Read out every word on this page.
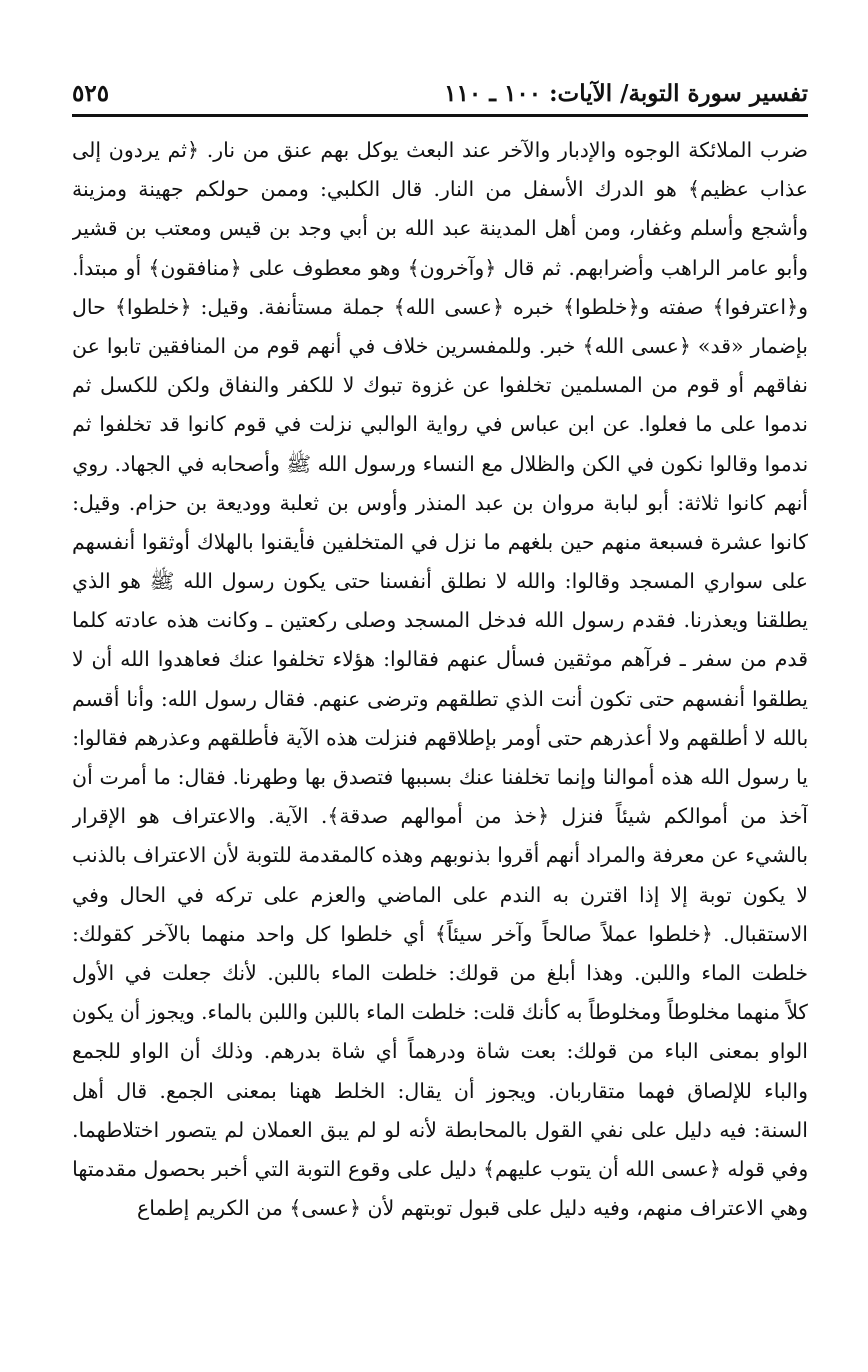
تفسير سورة التوبة/ الآيات: ١٠٠ ـ ١١٠
٥٢٥
ضرب الملائكة الوجوه والإدبار والآخر عند البعث يوكل بهم عنق من نار. ﴿ثم يردون إلى
عذاب عظيم﴾ هو الدرك الأسفل من النار. قال الكلبي: وممن حولكم جهينة ومزينة
وأشجع وأسلم وغفار، ومن أهل المدينة عبد الله بن أبي وجد بن قيس ومعتب بن قشير
وأبو عامر الراهب وأضرابهم. ثم قال ﴿وآخرون﴾ وهو معطوف على ﴿منافقون﴾ أو مبتدأ.
و﴿اعترفوا﴾ صفته و﴿خلطوا﴾ خبره ﴿عسى الله﴾ جملة مستأنفة. وقيل: ﴿خلطوا﴾ حال
بإضمار «قد» ﴿عسى الله﴾ خبر. وللمفسرين خلاف في أنهم قوم من المنافقين تابوا عن
نفاقهم أو قوم من المسلمين تخلفوا عن غزوة تبوك لا للكفر والنفاق ولكن للكسل ثم
ندموا على ما فعلوا. عن ابن عباس في رواية الوالبي نزلت في قوم كانوا قد تخلفوا ثم
ندموا وقالوا نكون في الكن والظلال مع النساء ورسول الله ﷺ وأصحابه في الجهاد. روي
أنهم كانوا ثلاثة: أبو لبابة مروان بن عبد المنذر وأوس بن ثعلبة ووديعة بن حزام. وقيل:
كانوا عشرة فسبعة منهم حين بلغهم ما نزل في المتخلفين فأيقنوا بالهلاك أوثقوا أنفسهم
على سواري المسجد وقالوا: والله لا نطلق أنفسنا حتى يكون رسول الله ﷺ هو الذي
يطلقنا ويعذرنا. فقدم رسول الله فدخل المسجد وصلى ركعتين ـ وكانت هذه عادته كلما
قدم من سفر ـ فرآهم موثقين فسأل عنهم فقالوا: هؤلاء تخلفوا عنك فعاهدوا الله أن لا
يطلقوا أنفسهم حتى تكون أنت الذي تطلقهم وترضى عنهم. فقال رسول الله: وأنا أقسم
بالله لا أطلقهم ولا أعذرهم حتى أومر بإطلاقهم فنزلت هذه الآية فأطلقهم وعذرهم فقالوا:
يا رسول الله هذه أموالنا وإنما تخلفنا عنك بسببها فتصدق بها وطهرنا. فقال: ما أمرت أن
آخذ من أموالكم شيئاً فنزل ﴿خذ من أموالهم صدقة﴾. الآية. والاعتراف هو الإقرار
بالشيء عن معرفة والمراد أنهم أقروا بذنوبهم وهذه كالمقدمة للتوبة لأن الاعتراف بالذنب
لا يكون توبة إلا إذا اقترن به الندم على الماضي والعزم على تركه في الحال وفي
الاستقبال. ﴿خلطوا عملاً صالحاً وآخر سيئاً﴾ أي خلطوا كل واحد منهما بالآخر كقولك:
خلطت الماء واللبن. وهذا أبلغ من قولك: خلطت الماء باللبن. لأنك جعلت في الأول
كلاً منهما مخلوطاً ومخلوطاً به كأنك قلت: خلطت الماء باللبن واللبن بالماء. ويجوز أن يكون
الواو بمعنى الباء من قولك: بعت شاة ودرهماً أي شاة بدرهم. وذلك أن الواو للجمع
والباء للإلصاق فهما متقاربان. ويجوز أن يقال: الخلط ههنا بمعنى الجمع. قال أهل
السنة: فيه دليل على نفي القول بالمحابطة لأنه لو لم يبق العملان لم يتصور اختلاطهما.
وفي قوله ﴿عسى الله أن يتوب عليهم﴾ دليل على وقوع التوبة التي أخبر بحصول مقدمتها
وهي الاعتراف منهم، وفيه دليل على قبول توبتهم لأن ﴿عسى﴾ من الكريم إطماع
